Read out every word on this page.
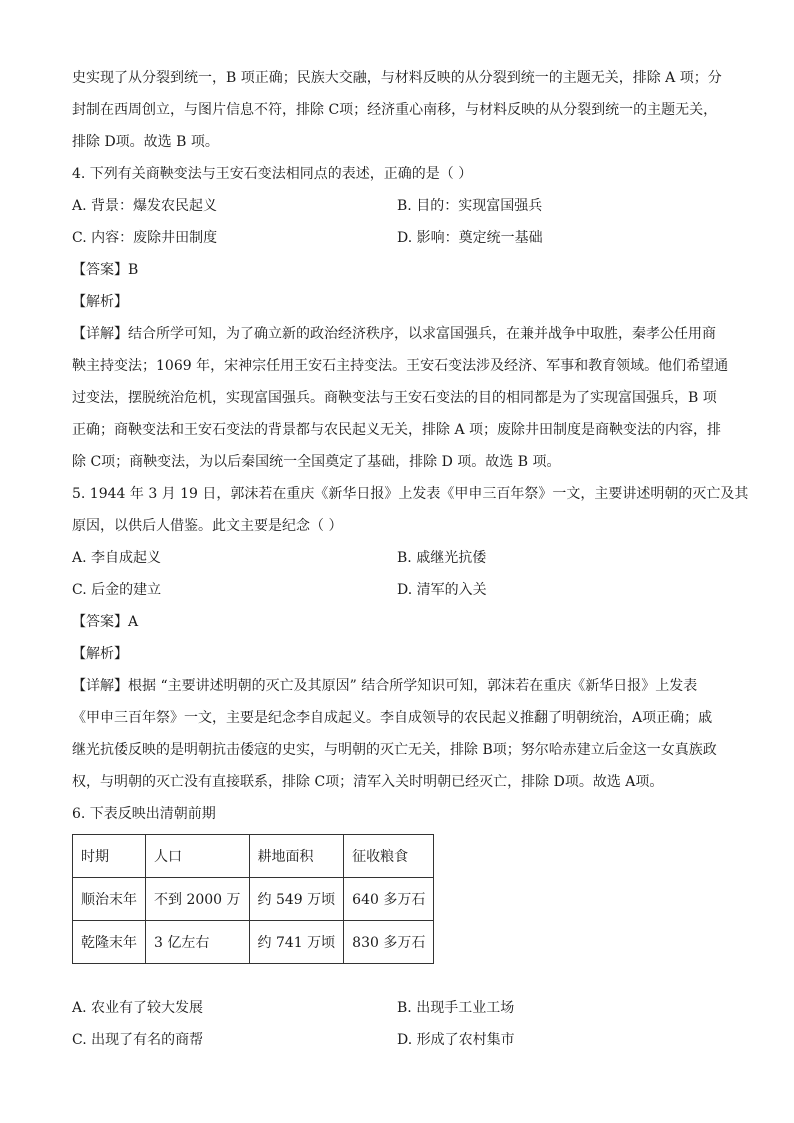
史实现了从分裂到统一，B 项正确；民族大交融，与材料反映的从分裂到统一的主题无关，排除 A 项；分
封制在西周创立，与图片信息不符，排除 C项；经济重心南移，与材料反映的从分裂到统一的主题无关，
排除 D项。故选 B 项。
4. 下列有关商鞅变法与王安石变法相同点的表述，正确的是（ ）
A. 背景：爆发农民起义	B. 目的：实现富国强兵
C. 内容：废除井田制度	D. 影响：奠定统一基础
【答案】B
【解析】
【详解】结合所学可知，为了确立新的政治经济秩序，以求富国强兵，在兼并战争中取胜，秦孝公任用商
鞅主持变法；1069 年，宋神宗任用王安石主持变法。王安石变法涉及经济、军事和教育领域。他们希望通
过变法，摆脱统治危机，实现富国强兵。商鞅变法与王安石变法的目的相同都是为了实现富国强兵，B 项
正确；商鞅变法和王安石变法的背景都与农民起义无关，排除 A 项；废除井田制度是商鞅变法的内容，排
除 C项；商鞅变法，为以后秦国统一全国奠定了基础，排除 D 项。故选 B 项。
5. 1944 年 3 月 19 日，郭沫若在重庆《新华日报》上发表《甲申三百年祭》一文，主要讲述明朝的灭亡及其
原因，以供后人借鉴。此文主要是纪念（ ）
A. 李自成起义	B. 戚继光抗倭
C. 后金的建立	D. 清军的入关
【答案】A
【解析】
【详解】根据 “主要讲述明朝的灭亡及其原因” 结合所学知识可知，郭沫若在重庆《新华日报》上发表
《甲申三百年祭》一文，主要是纪念李自成起义。李自成领导的农民起义推翻了明朝统治，A项正确；戚
继光抗倭反映的是明朝抗击倭寇的史实，与明朝的灭亡无关，排除 B项；努尔哈赤建立后金这一女真族政
权，与明朝的灭亡没有直接联系，排除 C项；清军入关时明朝已经灭亡，排除 D项。故选 A项。
6. 下表反映出清朝前期
时期	人口	耕地面积	征收粮食
顺治末年	不到 2000 万	约 549 万顷	640 多万石
乾隆末年	3 亿左右	约 741 万顷	830 多万石
A. 农业有了较大发展	B. 出现手工业工场
C. 出现了有名的商帮	D. 形成了农村集市
